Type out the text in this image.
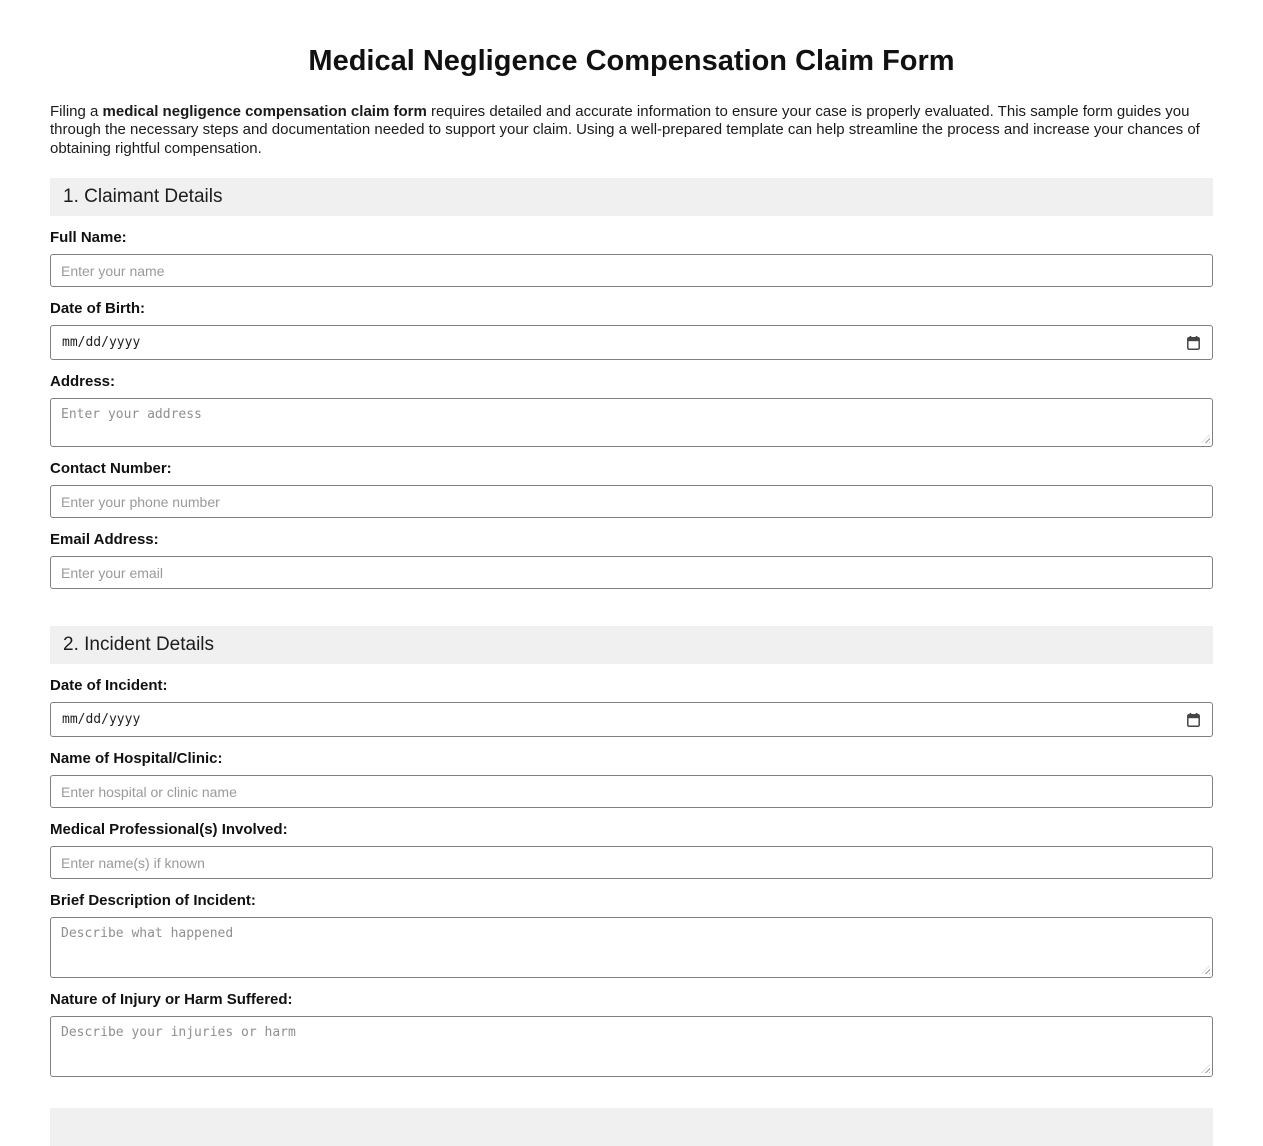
Medical Negligence Compensation Claim Form

Filing a medical negligence compensation claim form requires detailed and accurate information to ensure your case is properly evaluated. This sample form guides you through the necessary steps and documentation needed to support your claim. Using a well-prepared template can help streamline the process and increase your chances of obtaining rightful compensation.

1. Claimant Details
Full Name:
Enter your name
Date of Birth:
mm/dd/yyyy
Address:
Enter your address
Contact Number:
Enter your phone number
Email Address:
Enter your email
2. Incident Details
Date of Incident:
mm/dd/yyyy
Name of Hospital/Clinic:
Enter hospital or clinic name
Medical Professional(s) Involved:
Enter name(s) if known
Brief Description of Incident:
Describe what happened
Nature of Injury or Harm Suffered:
Describe your injuries or harm
